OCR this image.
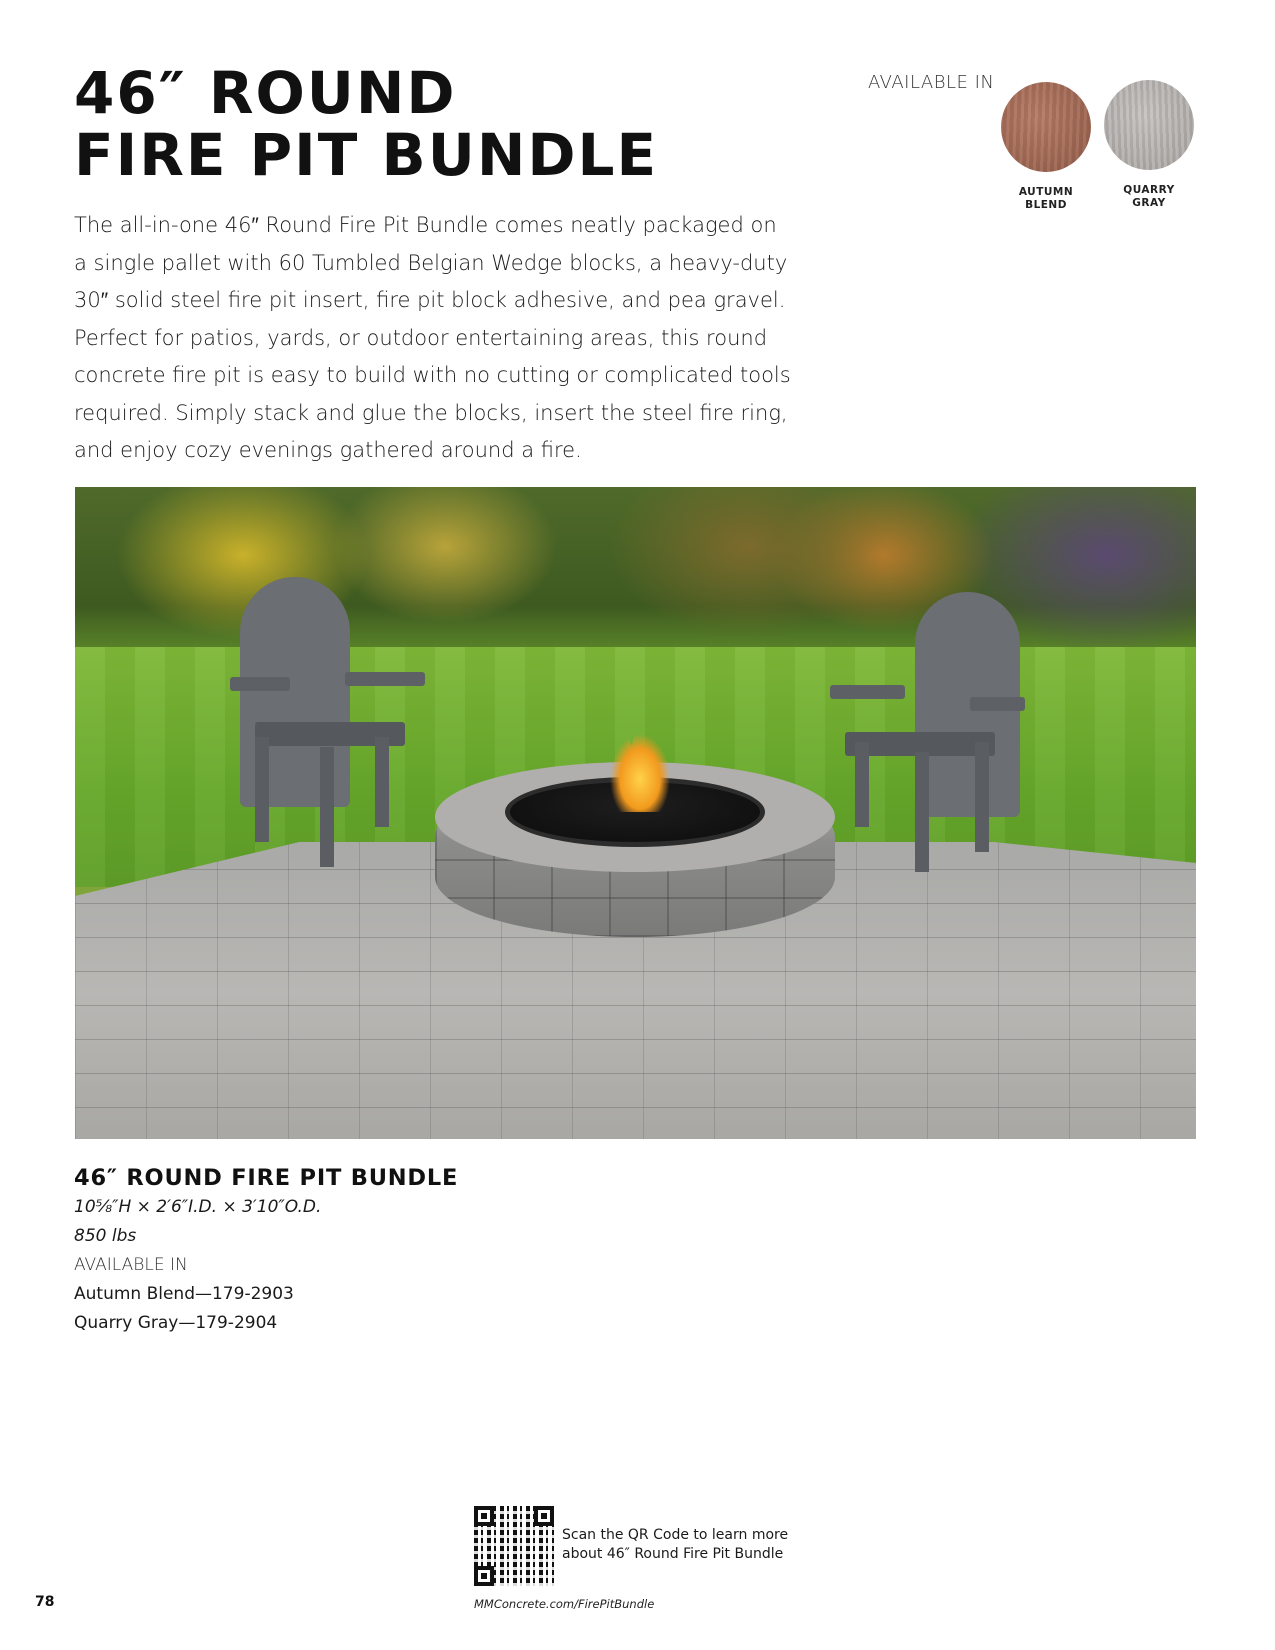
46″ ROUND
FIRE PIT BUNDLE
AVAILABLE IN
AUTUMN
BLEND
QUARRY
GRAY
The all-in-one 46″ Round Fire Pit Bundle comes neatly packaged on
a single pallet with 60 Tumbled Belgian Wedge blocks, a heavy-duty
30″ solid steel fire pit insert, fire pit block adhesive, and pea gravel.
Perfect for patios, yards, or outdoor entertaining areas, this round
concrete fire pit is easy to build with no cutting or complicated tools
required. Simply stack and glue the blocks, insert the steel fire ring,
and enjoy cozy evenings gathered around a fire.
46″ ROUND FIRE PIT BUNDLE
10⅝″H × 2′6″I.D. × 3′10″O.D.
850 lbs
AVAILABLE IN
Autumn Blend—179-2903
Quarry Gray—179-2904
Scan the QR Code to learn more
about 46″ Round Fire Pit Bundle
MMConcrete.com/FirePitBundle
78
